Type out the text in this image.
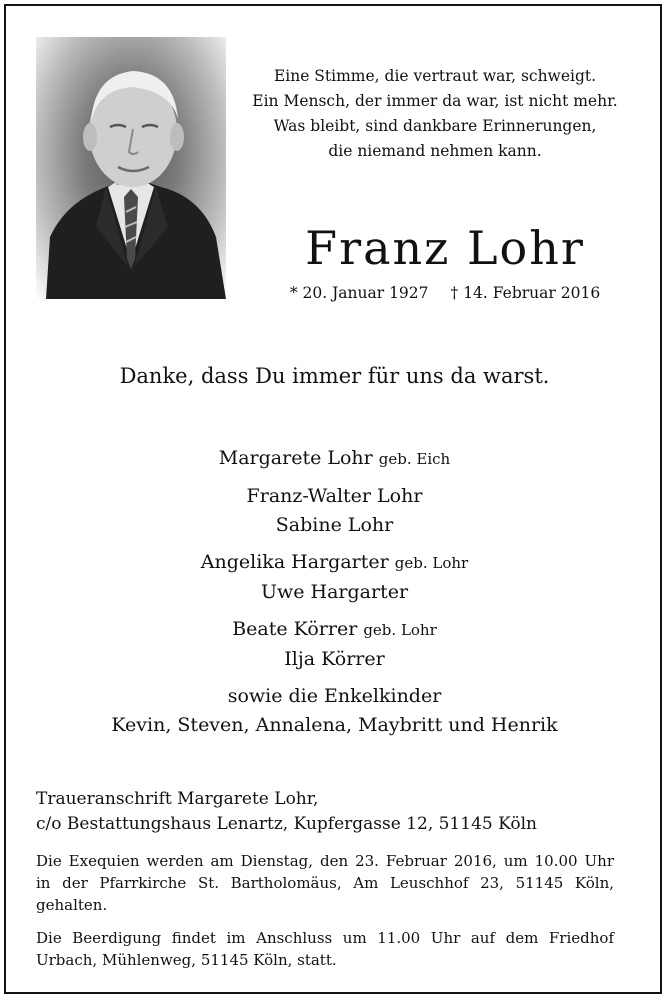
Eine Stimme, die vertraut war, schweigt.
Ein Mensch, der immer da war, ist nicht mehr.
Was bleibt, sind dankbare Erinnerungen,
die niemand nehmen kann.
Franz Lohr
* 20. Januar 1927 † 14. Februar 2016
Danke, dass Du immer für uns da warst.
Margarete Lohr geb. Eich
Franz-Walter Lohr
Sabine Lohr
Angelika Hargarter geb. Lohr
Uwe Hargarter
Beate Körrer geb. Lohr
Ilja Körrer
sowie die Enkelkinder
Kevin, Steven, Annalena, Maybritt und Henrik
Traueranschrift Margarete Lohr,
c/o Bestattungshaus Lenartz, Kupfergasse 12, 51145 Köln
Die Exequien werden am Dienstag, den 23. Februar 2016, um 10.00 Uhr
in der Pfarrkirche St. Bartholomäus, Am Leuschhof 23, 51145 Köln,
gehalten.
Die Beerdigung findet im Anschluss um 11.00 Uhr auf dem Friedhof
Urbach, Mühlenweg, 51145 Köln, statt.
